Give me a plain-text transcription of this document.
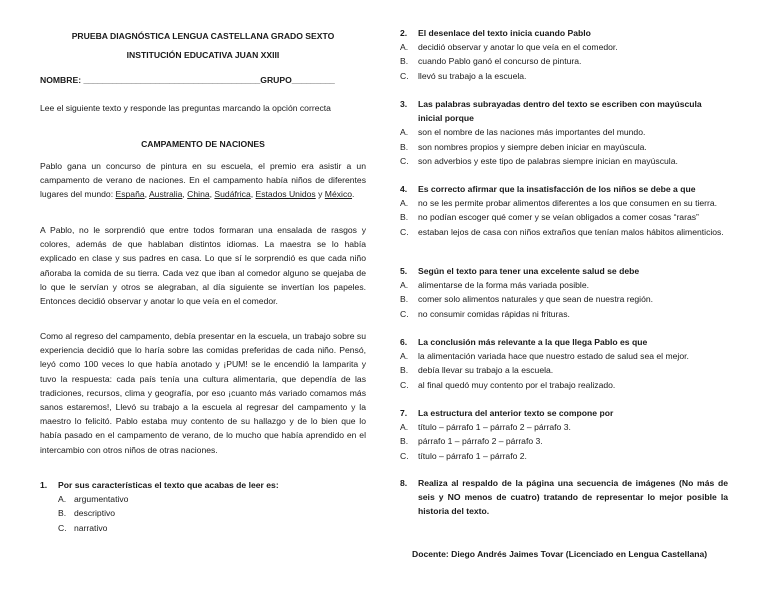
PRUEBA DIAGNÓSTICA LENGUA CASTELLANA GRADO SEXTO
INSTITUCIÓN EDUCATIVA JUAN XXIII
NOMBRE: _____________________________________GRUPO_________
Lee el siguiente texto y responde las preguntas marcando la opción correcta
CAMPAMENTO DE NACIONES
Pablo gana un concurso de pintura en su escuela, el premio era asistir a un campamento de verano de naciones. En el campamento había niños de diferentes lugares del mundo: España, Australia, China, Sudáfrica, Estados Unidos y México.
A Pablo, no le sorprendió que entre todos formaran una ensalada de rasgos y colores, además de que hablaban distintos idiomas. La maestra se lo había explicado en clase y sus padres en casa. Lo que sí le sorprendió es que cada niño añoraba la comida de su tierra. Cada vez que iban al comedor alguno se quejaba de lo que le servían y otros se alegraban, al día siguiente se invertían los papeles. Entonces decidió observar y anotar lo que veía en el comedor.
Como al regreso del campamento, debía presentar en la escuela, un trabajo sobre su experiencia decidió que lo haría sobre las comidas preferidas de cada niño. Pensó, leyó como 100 veces lo que había anotado y ¡PUM! se le encendió la lamparita y tuvo la respuesta: cada país tenía una cultura alimentaria, que dependía de las tradiciones, recursos, clima y geografía, por eso ¡cuanto más variado comamos más sanos estaremos!, Llevó su trabajo a la escuela al regresar del campamento y la maestro lo felicitó. Pablo estaba muy contento de su hallazgo y de lo bien que lo había pasado en el campamento de verano, de lo mucho que había aprendido en el intercambio con otros niños de otras naciones.
1. Por sus características el texto que acabas de leer es:
A. argumentativo
B. descriptivo
C. narrativo
2. El desenlace del texto inicia cuando Pablo
A. decidió observar y anotar lo que veía en el comedor.
B. cuando Pablo ganó el concurso de pintura.
C. llevó su trabajo a la escuela.
3. Las palabras subrayadas dentro del texto se escriben con mayúscula inicial porque
A. son el nombre de las naciones más importantes del mundo.
B. son nombres propios y siempre deben iniciar en mayúscula.
C. son adverbios y este tipo de palabras siempre inician en mayúscula.
4. Es correcto afirmar que la insatisfacción de los niños se debe a que
A. no se les permite probar alimentos diferentes a los que consumen en su tierra.
B. no podían escoger qué comer y se veían obligados a comer cosas “raras”
C. estaban lejos de casa con niños extraños que tenían malos hábitos alimenticios.
5. Según el texto para tener una excelente salud se debe
A. alimentarse de la forma más variada posible.
B. comer solo alimentos naturales y que sean de nuestra región.
C. no consumir comidas rápidas ni frituras.
6. La conclusión más relevante a la que llega Pablo es que
A. la alimentación variada hace que nuestro estado de salud sea el mejor.
B. debía llevar su trabajo a la escuela.
C. al final quedó muy contento por el trabajo realizado.
7. La estructura del anterior texto se compone por
A. título – párrafo 1 – párrafo 2 – párrafo 3.
B. párrafo 1 – párrafo 2 – párrafo 3.
C. título – párrafo 1 – párrafo 2.
8. Realiza al respaldo de la página una secuencia de imágenes (No más de seis y NO menos de cuatro) tratando de representar lo mejor posible la historia del texto.
Docente: Diego Andrés Jaimes Tovar (Licenciado en Lengua Castellana)
